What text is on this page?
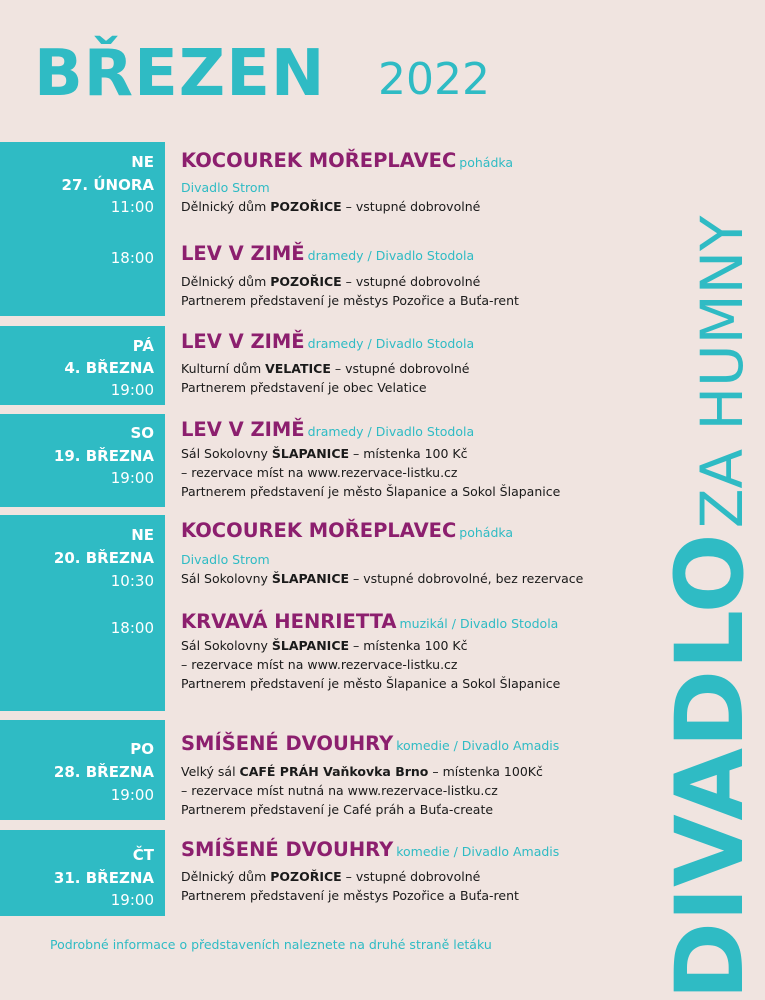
BŘEZEN 2022
DIVADLO ZA HUMNY
NE
27. ÚNORA
11:00
18:00
PÁ
4. BŘEZNA
19:00
SO
19. BŘEZNA
19:00
NE
20. BŘEZNA
10:30
18:00
PO
28. BŘEZNA
19:00
ČT
31. BŘEZNA
19:00
KOCOUREK MOŘEPLAVEC pohádka
Divadlo Strom
Dělnický dům POZOŘICE – vstupné dobrovolné
LEV V ZIMĚ dramedy / Divadlo Stodola
Dělnický dům POZOŘICE – vstupné dobrovolné
Partnerem představení je městys Pozořice a Buťa-rent
LEV V ZIMĚ dramedy / Divadlo Stodola
Kulturní dům VELATICE – vstupné dobrovolné
Partnerem představení je obec Velatice
LEV V ZIMĚ dramedy / Divadlo Stodola
Sál Sokolovny ŠLAPANICE – místenka 100 Kč
– rezervace míst na www.rezervace-listku.cz
Partnerem představení je město Šlapanice a Sokol Šlapanice
KOCOUREK MOŘEPLAVEC pohádka
Divadlo Strom
Sál Sokolovny ŠLAPANICE – vstupné dobrovolné, bez rezervace
KRVAVÁ HENRIETTA muzikál / Divadlo Stodola
Sál Sokolovny ŠLAPANICE – místenka 100 Kč
– rezervace míst na www.rezervace-listku.cz
Partnerem představení je město Šlapanice a Sokol Šlapanice
SMÍŠENÉ DVOUHRY komedie / Divadlo Amadis
Velký sál CAFÉ PRÁH Vaňkovka Brno – místenka 100Kč
– rezervace míst nutná na www.rezervace-listku.cz
Partnerem představení je Café práh a Buťa-create
SMÍŠENÉ DVOUHRY komedie / Divadlo Amadis
Dělnický dům POZOŘICE – vstupné dobrovolné
Partnerem představení je městys Pozořice a Buťa-rent
Podrobné informace o představeních naleznete na druhé straně letáku
